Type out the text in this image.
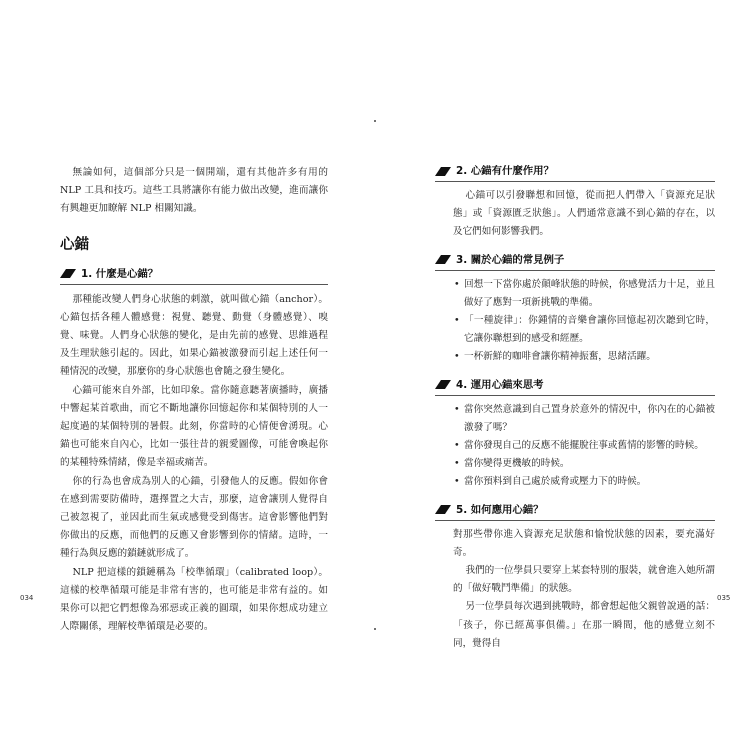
無論如何，這個部分只是一個開端，還有其他許多有用的 NLP 工具和技巧。這些工具將讓你有能力做出改變，進而讓你有興趣更加瞭解 NLP 相關知識。

心錨
1. 什麼是心錨？

那種能改變人們身心狀態的刺激，就叫做心錨（anchor）。心錨包括各種人體感覺：視覺、聽覺、動覺（身體感覺）、嗅覺、味覺。人們身心狀態的變化，是由先前的感覺、思維過程及生理狀態引起的。因此，如果心錨被激發而引起上述任何一種情況的改變，那麼你的身心狀態也會隨之發生變化。

心錨可能來自外部，比如印象。當你隨意聽著廣播時，廣播中響起某首歌曲，而它不斷地讓你回憶起你和某個特別的人一起度過的某個特別的暑假。此刻，你當時的心情便會湧現。心錨也可能來自內心，比如一張往昔的親愛圖像，可能會喚起你的某種特殊情緒，像是幸福或痛苦。

你的行為也會成為別人的心錨，引發他人的反應。假如你會在感到需要防備時，選擇置之大吉，那麼，這會讓別人覺得自己被忽視了，並因此而生氣或感覺受到傷害。這會影響他們對你做出的反應，而他們的反應又會影響到你的情緒。這時，一種行為與反應的鎖鏈就形成了。

NLP 把這樣的鎖鏈稱為「校準循環」（calibrated loop）。這樣的校準循環可能是非常有害的，也可能是非常有益的。如果你可以把它們想像為邪惡或正義的圓環，如果你想成功建立人際關係，理解校準循環是必要的。

034
2. 心錨有什麼作用？

心錨可以引發聯想和回憶，從而把人們帶入「資源充足狀態」或「資源匱乏狀態」。人們通常意識不到心錨的存在，以及它們如何影響我們。

3. 關於心錨的常見例子
• 回想一下當你處於顛峰狀態的時候，你感覺活力十足，並且做好了應對一項新挑戰的準備。
• 「一種旋律」：你鍾情的音樂會讓你回憶起初次聽到它時，它讓你聯想到的感受和經歷。
• 一杯新鮮的咖啡會讓你精神振奮，思緒活躍。
4. 運用心錨來思考
• 當你突然意識到自己置身於意外的情況中，你內在的心錨被激發了嗎？
• 當你發現自己的反應不能擺脫往事或舊情的影響的時候。
• 當你變得更機敏的時候。
• 當你預料到自己處於威脅或壓力下的時候。
5. 如何應用心錨？

對那些帶你進入資源充足狀態和愉悅狀態的因素，要充滿好奇。

我們的一位學員只要穿上某套特別的服裝，就會進入她所謂的「做好戰鬥準備」的狀態。

另一位學員每次遇到挑戰時，都會想起他父親曾說過的話：「孩子，你已經萬事俱備。」在那一瞬間，他的感覺立刻不同，覺得自

035
